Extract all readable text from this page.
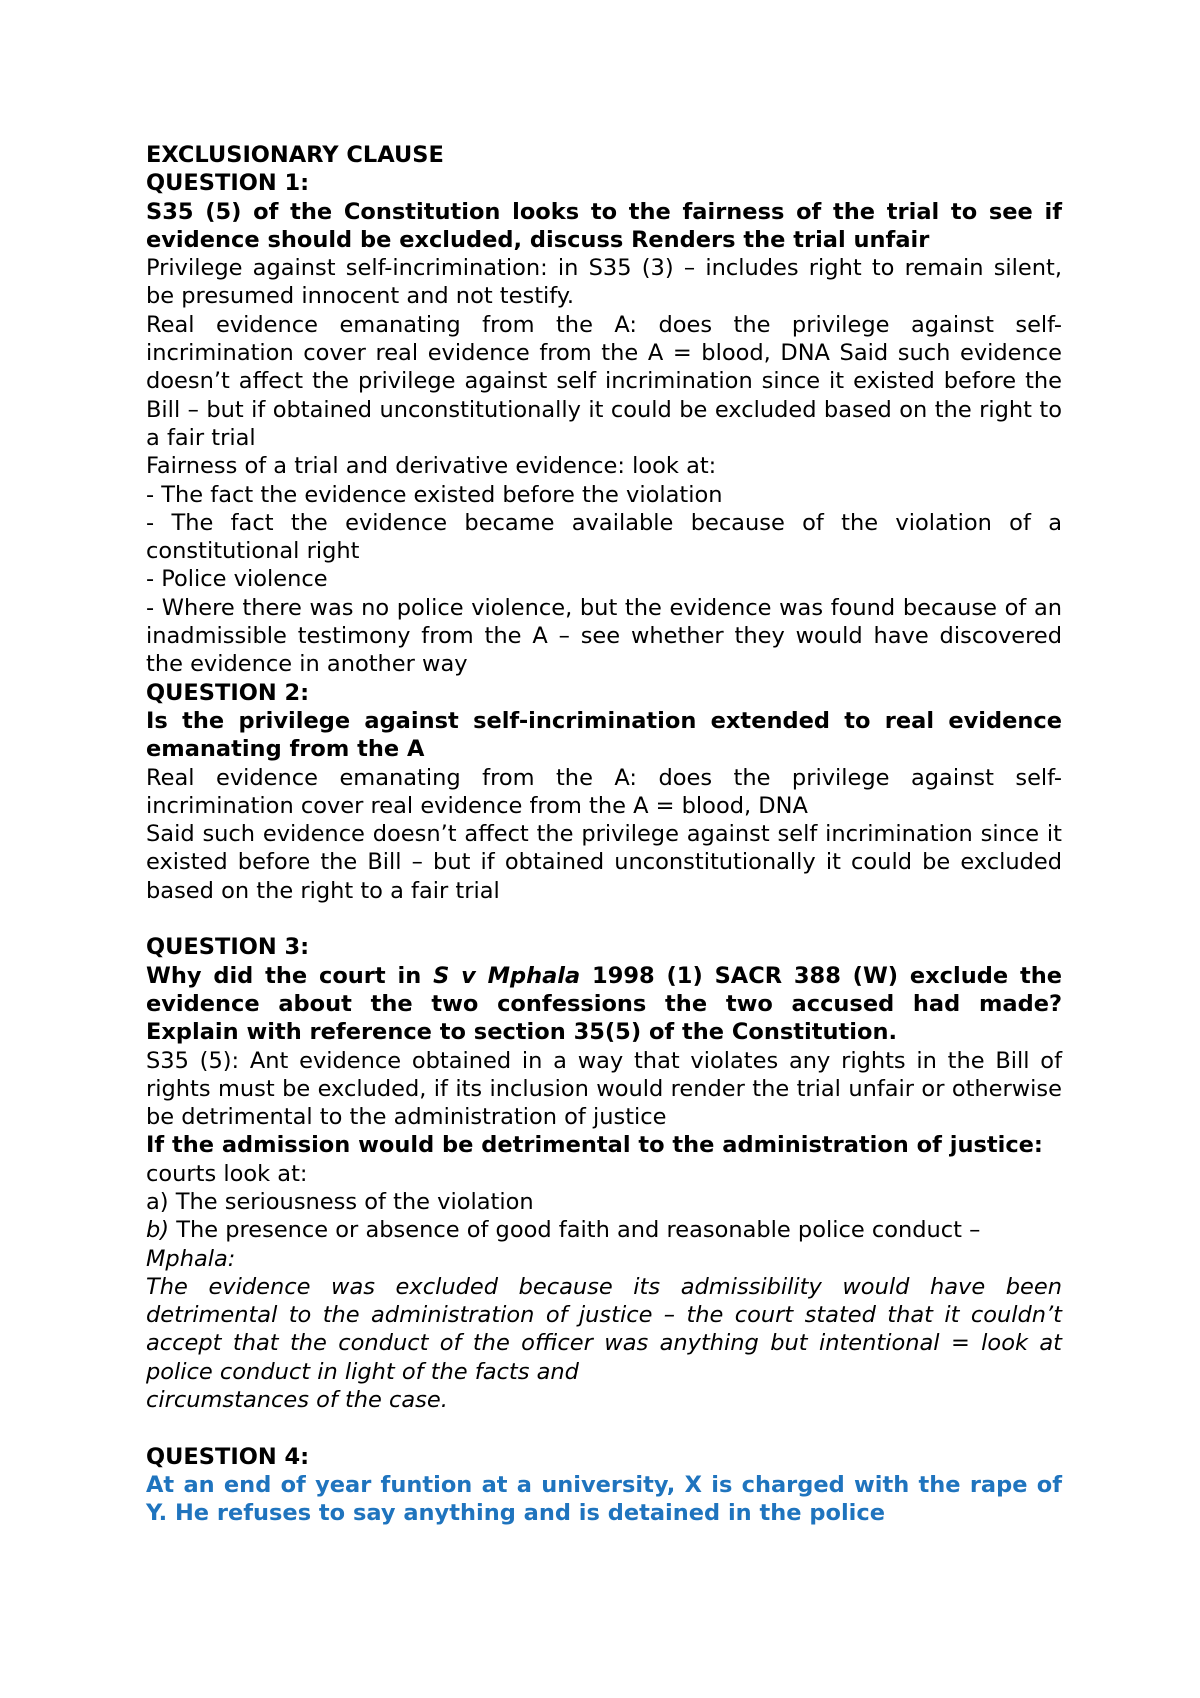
EXCLUSIONARY CLAUSE

QUESTION 1:

S35 (5) of the Constitution looks to the fairness of the trial to see if evidence should be excluded, discuss Renders the trial unfair

Privilege against self-incrimination: in S35 (3) – includes right to remain silent, be presumed innocent and not testify.

Real evidence emanating from the A: does the privilege against self-incrimination cover real evidence from the A = blood, DNA Said such evidence doesn’t affect the privilege against self incrimination since it existed before the Bill – but if obtained unconstitutionally it could be excluded based on the right to a fair trial

Fairness of a trial and derivative evidence: look at:

- The fact the evidence existed before the violation

- The fact the evidence became available because of the violation of a constitutional right

- Police violence

- Where there was no police violence, but the evidence was found because of an inadmissible testimony from the A – see whether they would have discovered the evidence in another way

QUESTION 2:

Is the privilege against self-incrimination extended to real evidence emanating from the A

Real evidence emanating from the A: does the privilege against self-incrimination cover real evidence from the A = blood, DNA

Said such evidence doesn’t affect the privilege against self incrimination since it existed before the Bill – but if obtained unconstitutionally it could be excluded based on the right to a fair trial

QUESTION 3:

Why did the court in S v Mphala 1998 (1) SACR 388 (W) exclude the evidence about the two confessions the two accused had made? Explain with reference to section 35(5) of the Constitution.

S35 (5): Ant evidence obtained in a way that violates any rights in the Bill of rights must be excluded, if its inclusion would render the trial unfair or otherwise be detrimental to the administration of justice

If the admission would be detrimental to the administration of justice:

courts look at:

a) The seriousness of the violation

b) The presence or absence of good faith and reasonable police conduct –

Mphala:

The evidence was excluded because its admissibility would have been detrimental to the administration of justice – the court stated that it couldn’t accept that the conduct of the officer was anything but intentional = look at police conduct in light of the facts and

circumstances of the case.

QUESTION 4:

At an end of year funtion at a university, X is charged with the rape of Y. He refuses to say anything and is detained in the police
